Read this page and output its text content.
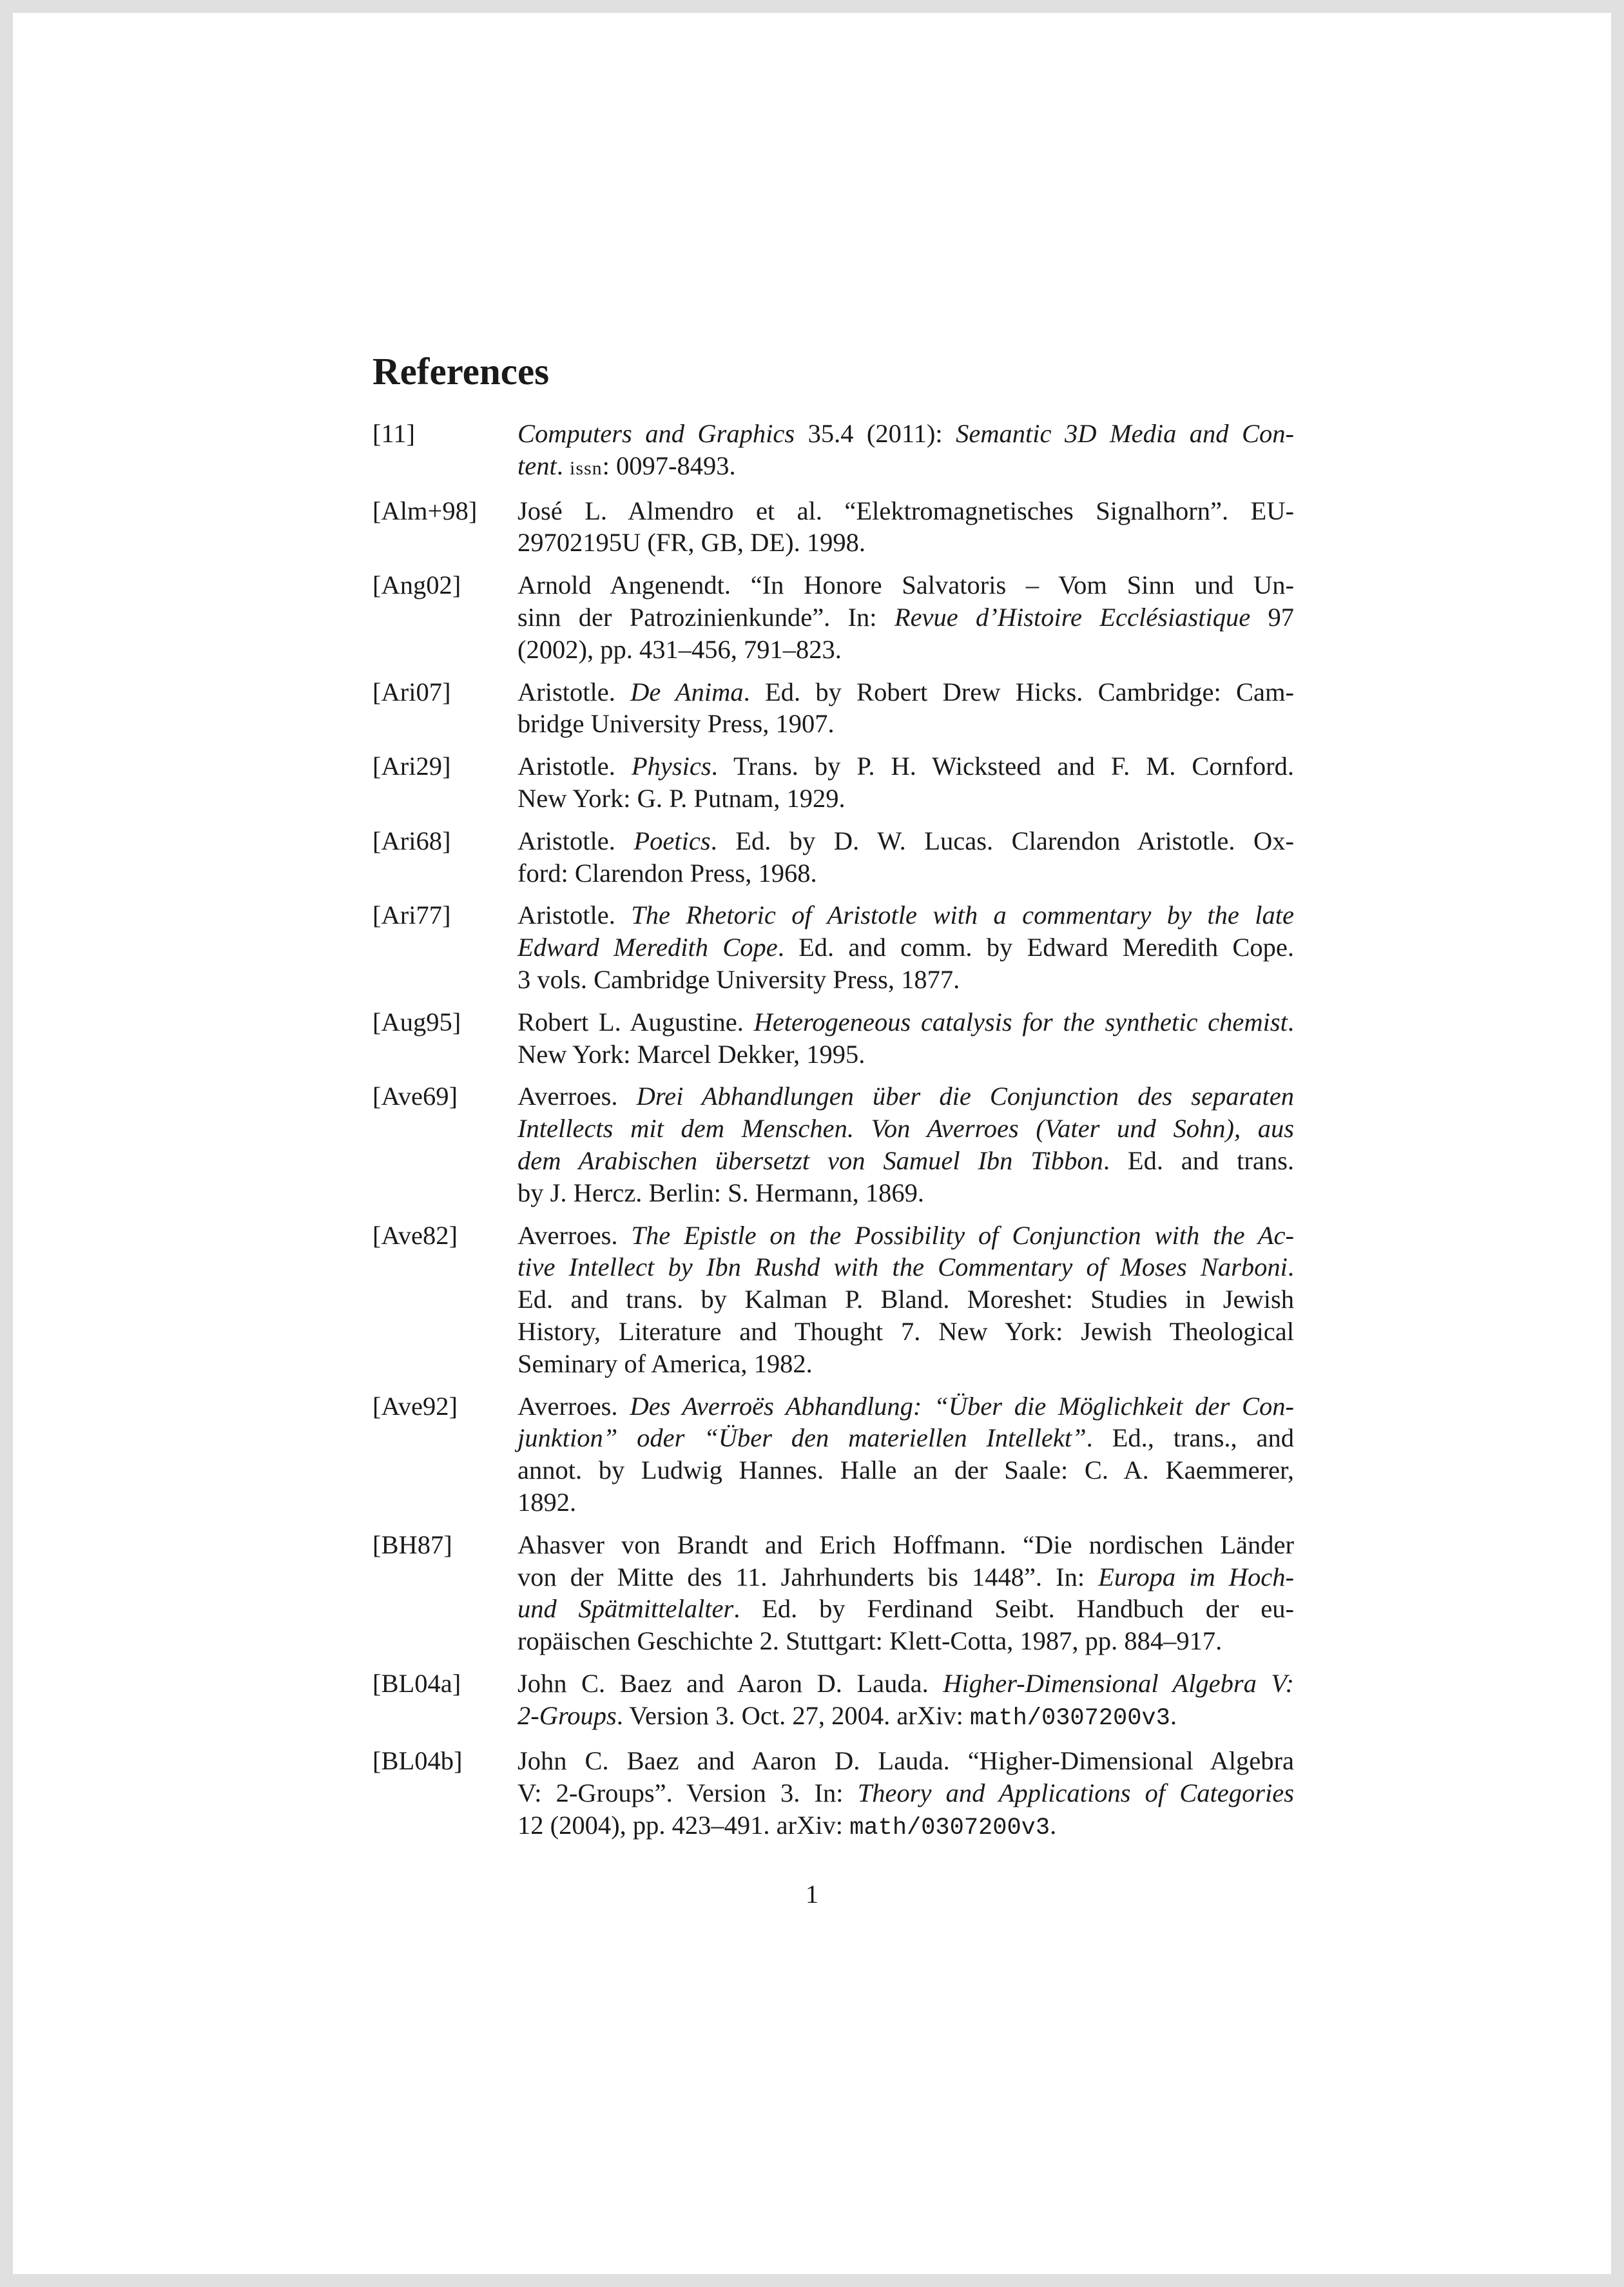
References
[11]	Computers and Graphics 35.4 (2011): Semantic 3D Media and Con-
tent. issn: 0097-8493.
[Alm+98]	José L. Almendro et al. “Elektromagnetisches Signalhorn”. EU-
29702195U (FR, GB, DE). 1998.
[Ang02]	Arnold Angenendt. “In Honore Salvatoris – Vom Sinn und Un-
sinn der Patrozinienkunde”. In: Revue d’Histoire Ecclésiastique 97
(2002), pp. 431–456, 791–823.
[Ari07]	Aristotle. De Anima. Ed. by Robert Drew Hicks. Cambridge: Cam-
bridge University Press, 1907.
[Ari29]	Aristotle. Physics. Trans. by P. H. Wicksteed and F. M. Cornford.
New York: G. P. Putnam, 1929.
[Ari68]	Aristotle. Poetics. Ed. by D. W. Lucas. Clarendon Aristotle. Ox-
ford: Clarendon Press, 1968.
[Ari77]	Aristotle. The Rhetoric of Aristotle with a commentary by the late
Edward Meredith Cope. Ed. and comm. by Edward Meredith Cope.
3 vols. Cambridge University Press, 1877.
[Aug95]	Robert L. Augustine. Heterogeneous catalysis for the synthetic chemist.
New York: Marcel Dekker, 1995.
[Ave69]	Averroes. Drei Abhandlungen über die Conjunction des separaten
Intellects mit dem Menschen. Von Averroes (Vater und Sohn), aus
dem Arabischen übersetzt von Samuel Ibn Tibbon. Ed. and trans.
by J. Hercz. Berlin: S. Hermann, 1869.
[Ave82]	Averroes. The Epistle on the Possibility of Conjunction with the Ac-
tive Intellect by Ibn Rushd with the Commentary of Moses Narboni.
Ed. and trans. by Kalman P. Bland. Moreshet: Studies in Jewish
History, Literature and Thought 7. New York: Jewish Theological
Seminary of America, 1982.
[Ave92]	Averroes. Des Averroës Abhandlung: “Über die Möglichkeit der Con-
junktion” oder “Über den materiellen Intellekt”. Ed., trans., and
annot. by Ludwig Hannes. Halle an der Saale: C. A. Kaemmerer,
1892.
[BH87]	Ahasver von Brandt and Erich Hoffmann. “Die nordischen Länder
von der Mitte des 11. Jahrhunderts bis 1448”. In: Europa im Hoch-
und Spätmittelalter. Ed. by Ferdinand Seibt. Handbuch der eu-
ropäischen Geschichte 2. Stuttgart: Klett-Cotta, 1987, pp. 884–917.
[BL04a]	John C. Baez and Aaron D. Lauda. Higher-Dimensional Algebra V:
2-Groups. Version 3. Oct. 27, 2004. arXiv: math/0307200v3.
[BL04b]	John C. Baez and Aaron D. Lauda. “Higher-Dimensional Algebra
V: 2-Groups”. Version 3. In: Theory and Applications of Categories
12 (2004), pp. 423–491. arXiv: math/0307200v3.
1
